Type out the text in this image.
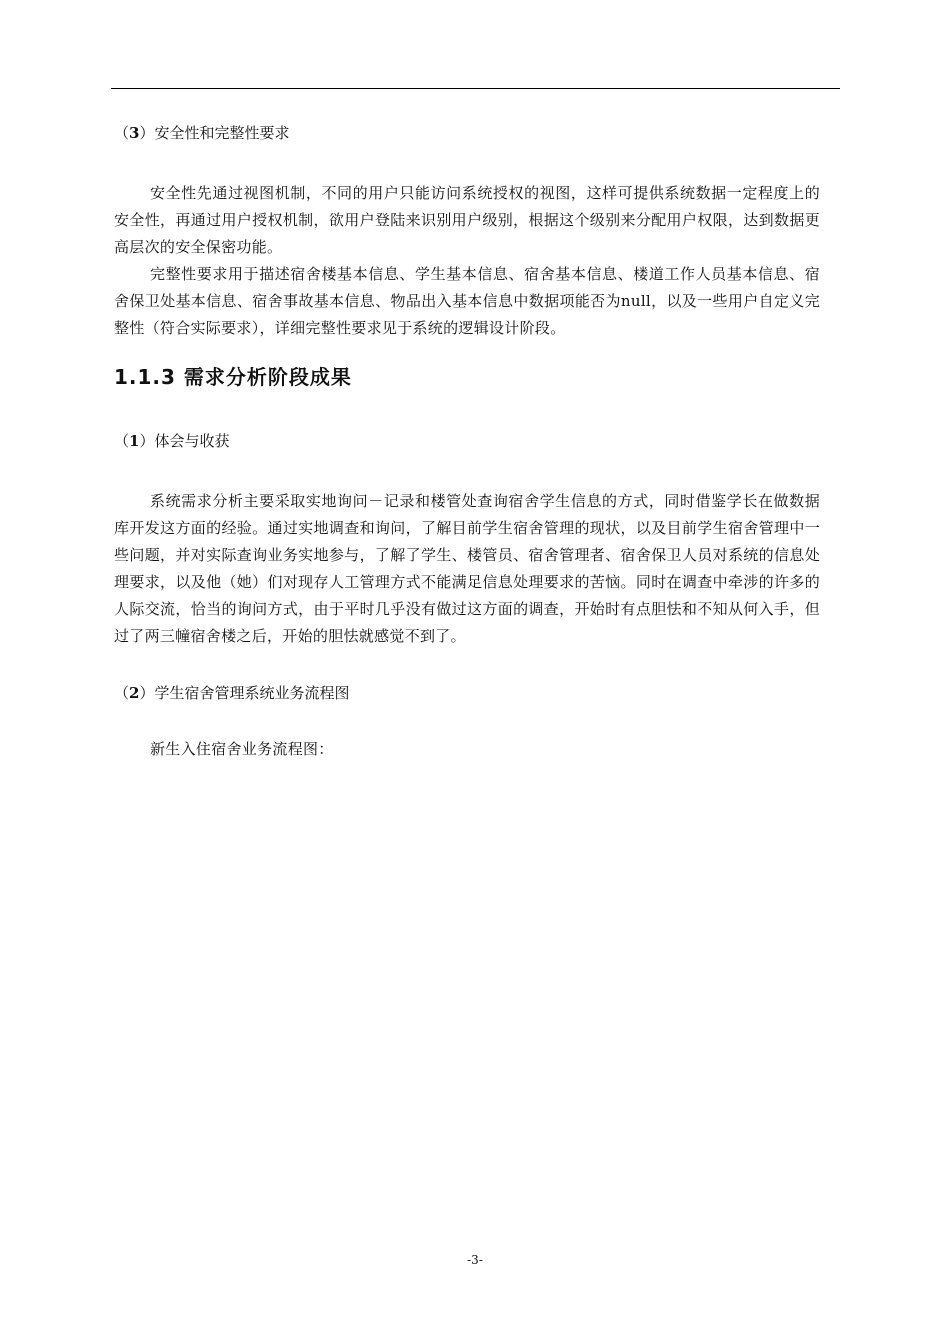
（3）安全性和完整性要求

安全性先通过视图机制，不同的用户只能访问系统授权的视图，这样可提供系统数据一定程度上的安全性，再通过用户授权机制，欲用户登陆来识别用户级别，根据这个级别来分配用户权限，达到数据更高层次的安全保密功能。

完整性要求用于描述宿舍楼基本信息、学生基本信息、宿舍基本信息、楼道工作人员基本信息、宿舍保卫处基本信息、宿舍事故基本信息、物品出入基本信息中数据项能否为null，以及一些用户自定义完整性（符合实际要求），详细完整性要求见于系统的逻辑设计阶段。

1.1.3 需求分析阶段成果

（1）体会与收获

系统需求分析主要采取实地询问－记录和楼管处查询宿舍学生信息的方式，同时借鉴学长在做数据库开发这方面的经验。通过实地调查和询问，了解目前学生宿舍管理的现状，以及目前学生宿舍管理中一些问题，并对实际查询业务实地参与，了解了学生、楼管员、宿舍管理者、宿舍保卫人员对系统的信息处理要求，以及他（她）们对现存人工管理方式不能满足信息处理要求的苦恼。同时在调查中牵涉的许多的人际交流，恰当的询问方式，由于平时几乎没有做过这方面的调查，开始时有点胆怯和不知从何入手，但过了两三幢宿舍楼之后，开始的胆怯就感觉不到了。

（2）学生宿舍管理系统业务流程图

新生入住宿舍业务流程图：

-3-
